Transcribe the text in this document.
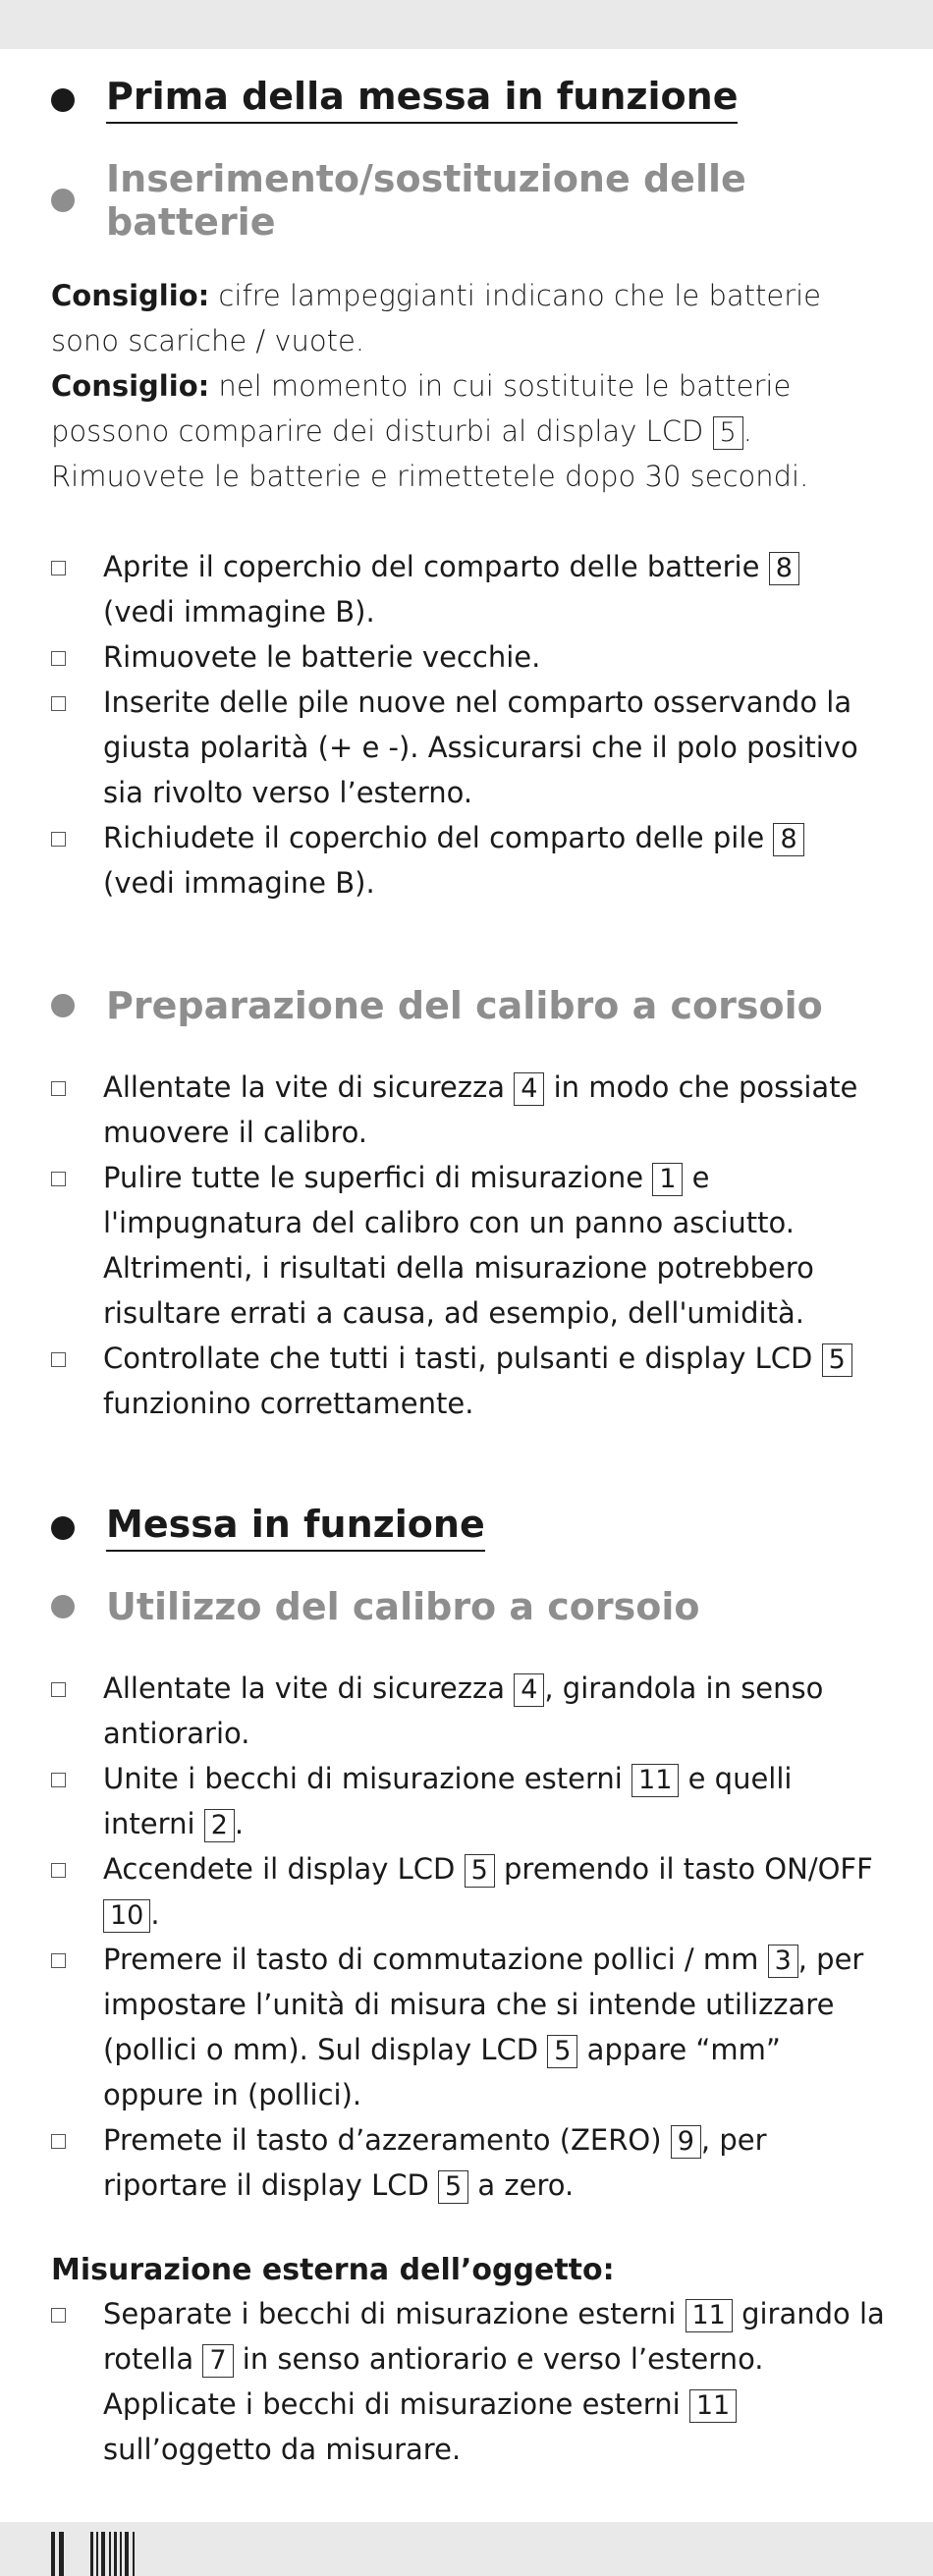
Prima della messa in funzione
Inserimento/sostituzione delle batterie
Consiglio: cifre lampeggianti indicano che le batterie sono scariche / vuote.
Consiglio: nel momento in cui sostituite le batterie possono comparire dei disturbi al display LCD 5 . Rimuovete le batterie e rimettetele dopo 30 secondi.
Aprite il coperchio del comparto delle batterie 8
(vedi immagine B).
Rimuovete le batterie vecchie.
Inserite delle pile nuove nel comparto osservando la giusta polarità (+ e -). Assicurarsi che il polo positivo sia rivolto verso l’esterno.
Richiudete il coperchio del comparto delle pile 8
(vedi immagine B).
Preparazione del calibro a corsoio
Allentate la vite di sicurezza 4 in modo che possiate muovere il calibro.
Pulire tutte le superfici di misurazione 1 e l'impugnatura del calibro con un panno asciutto. Altrimenti, i risultati della misurazione potrebbero risultare errati a causa, ad esempio, dell'umidità.
Controllate che tutti i tasti, pulsanti e display LCD 5
funzionino correttamente.
Messa in funzione
Utilizzo del calibro a corsoio
Allentate la vite di sicurezza 4 , girandola in senso antiorario.
Unite i becchi di misurazione esterni 11 e quelli interni 2 .
Accendete il display LCD 5 premendo il tasto ON/OFF 10 .
Premere il tasto di commutazione pollici / mm 3 , per impostare l’unità di misura che si intende utilizzare (pollici o mm). Sul display LCD 5 appare “mm” oppure in (pollici).
Premete il tasto d’azzeramento (ZERO) 9 , per riportare il display LCD 5 a zero.
Misurazione esterna dell’oggetto:
Separate i becchi di misurazione esterni 11 girando la rotella 7 in senso antiorario e verso l’esterno. Applicate i becchi di misurazione esterni 11 sull’oggetto da misurare.
